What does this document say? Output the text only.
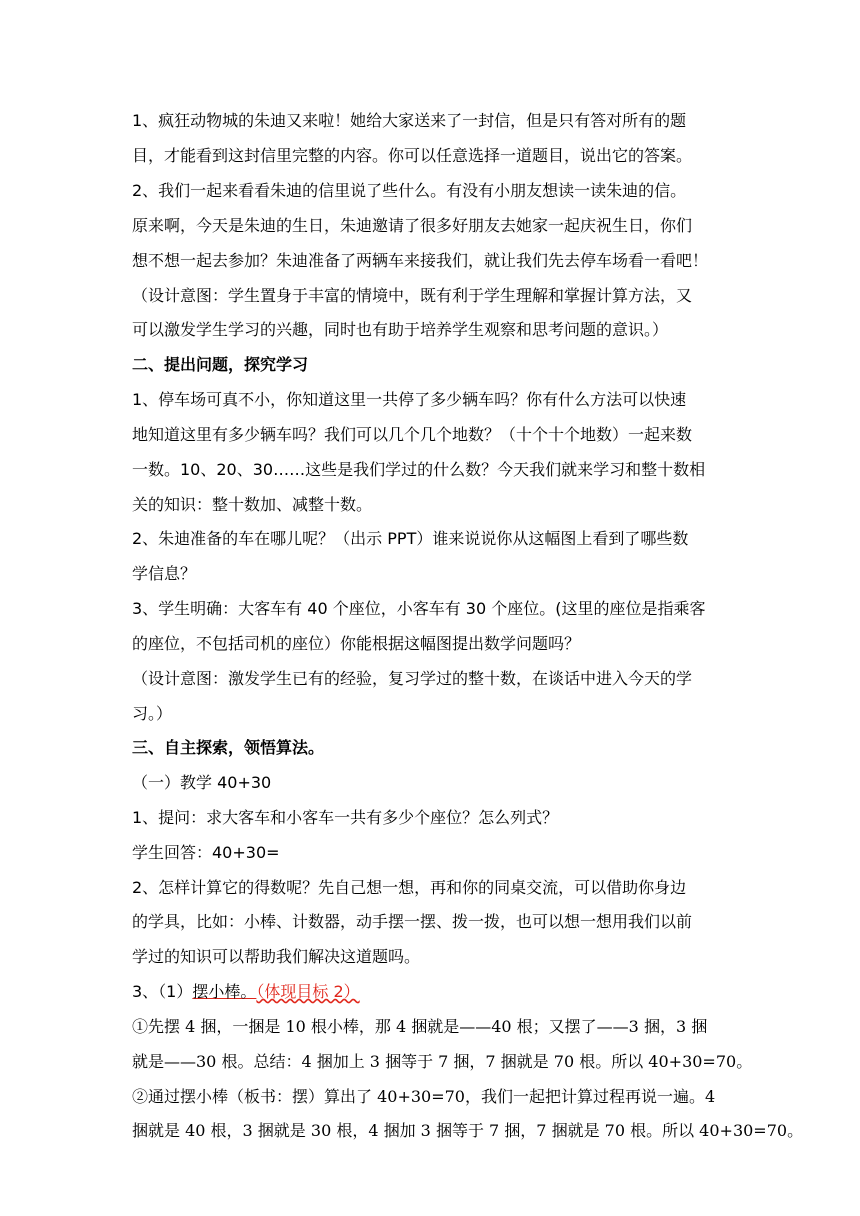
1、疯狂动物城的朱迪又来啦！她给大家送来了一封信，但是只有答对所有的题
目，才能看到这封信里完整的内容。你可以任意选择一道题目，说出它的答案。
2、我们一起来看看朱迪的信里说了些什么。有没有小朋友想读一读朱迪的信。
原来啊，今天是朱迪的生日，朱迪邀请了很多好朋友去她家一起庆祝生日，你们
想不想一起去参加？朱迪准备了两辆车来接我们，就让我们先去停车场看一看吧！
（设计意图：学生置身于丰富的情境中，既有利于学生理解和掌握计算方法，又
可以激发学生学习的兴趣，同时也有助于培养学生观察和思考问题的意识。）
二、提出问题，探究学习
1、停车场可真不小，你知道这里一共停了多少辆车吗？你有什么方法可以快速
地知道这里有多少辆车吗？我们可以几个几个地数？（十个十个地数）一起来数
一数。10、20、30……这些是我们学过的什么数？今天我们就来学习和整十数相
关的知识：整十数加、减整十数。
2、朱迪准备的车在哪儿呢？（出示 PPT）谁来说说你从这幅图上看到了哪些数
学信息？
3、学生明确：大客车有 40 个座位，小客车有 30 个座位。(这里的座位是指乘客
的座位，不包括司机的座位）你能根据这幅图提出数学问题吗？
（设计意图：激发学生已有的经验，复习学过的整十数，在谈话中进入今天的学
习。）
三、自主探索，领悟算法。
（一）教学 40+30
1、提问：求大客车和小客车一共有多少个座位？怎么列式？
学生回答：40+30=
2、怎样计算它的得数呢？先自己想一想，再和你的同桌交流，可以借助你身边
的学具，比如：小棒、计数器，动手摆一摆、拨一拨，也可以想一想用我们以前
学过的知识可以帮助我们解决这道题吗。
3、（1）摆小棒。（体现目标 2）
①先摆 4 捆，一捆是 10 根小棒，那 4 捆就是——40 根；又摆了——3 捆，3 捆
就是——30 根。总结：4 捆加上 3 捆等于 7 捆，7 捆就是 70 根。所以 40+30=70。
②通过摆小棒（板书：摆）算出了 40+30=70，我们一起把计算过程再说一遍。4
捆就是 40 根，3 捆就是 30 根，4 捆加 3 捆等于 7 捆，7 捆就是 70 根。所以 40+30=70。
